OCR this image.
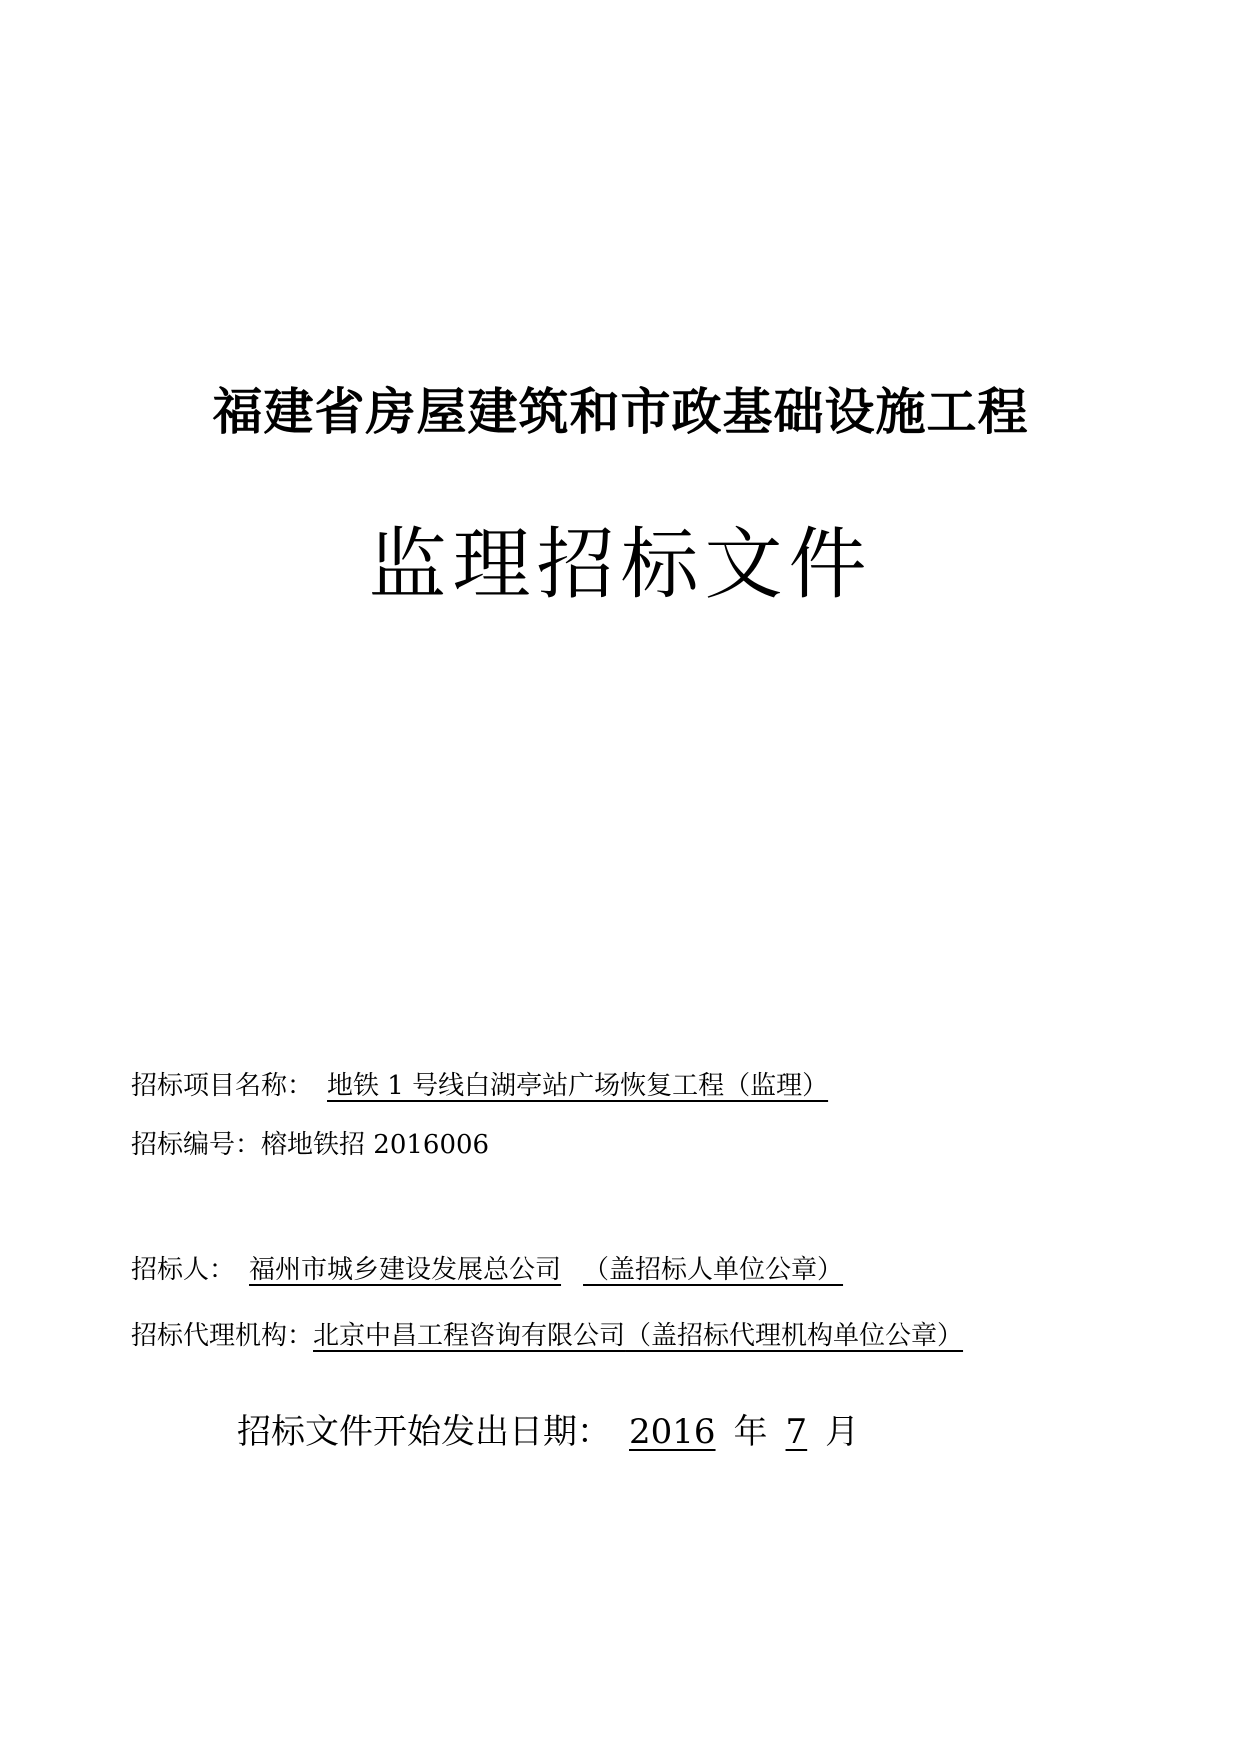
福建省房屋建筑和市政基础设施工程
监理招标文件
招标项目名称： 地铁 1 号线白湖亭站广场恢复工程（监理）
招标编号：榕地铁招 2016006
招标人： 福州市城乡建设发展总公司 （盖招标人单位公章）
招标代理机构：北京中昌工程咨询有限公司（盖招标代理机构单位公章）
招标文件开始发出日期： 2016 年 7 月
